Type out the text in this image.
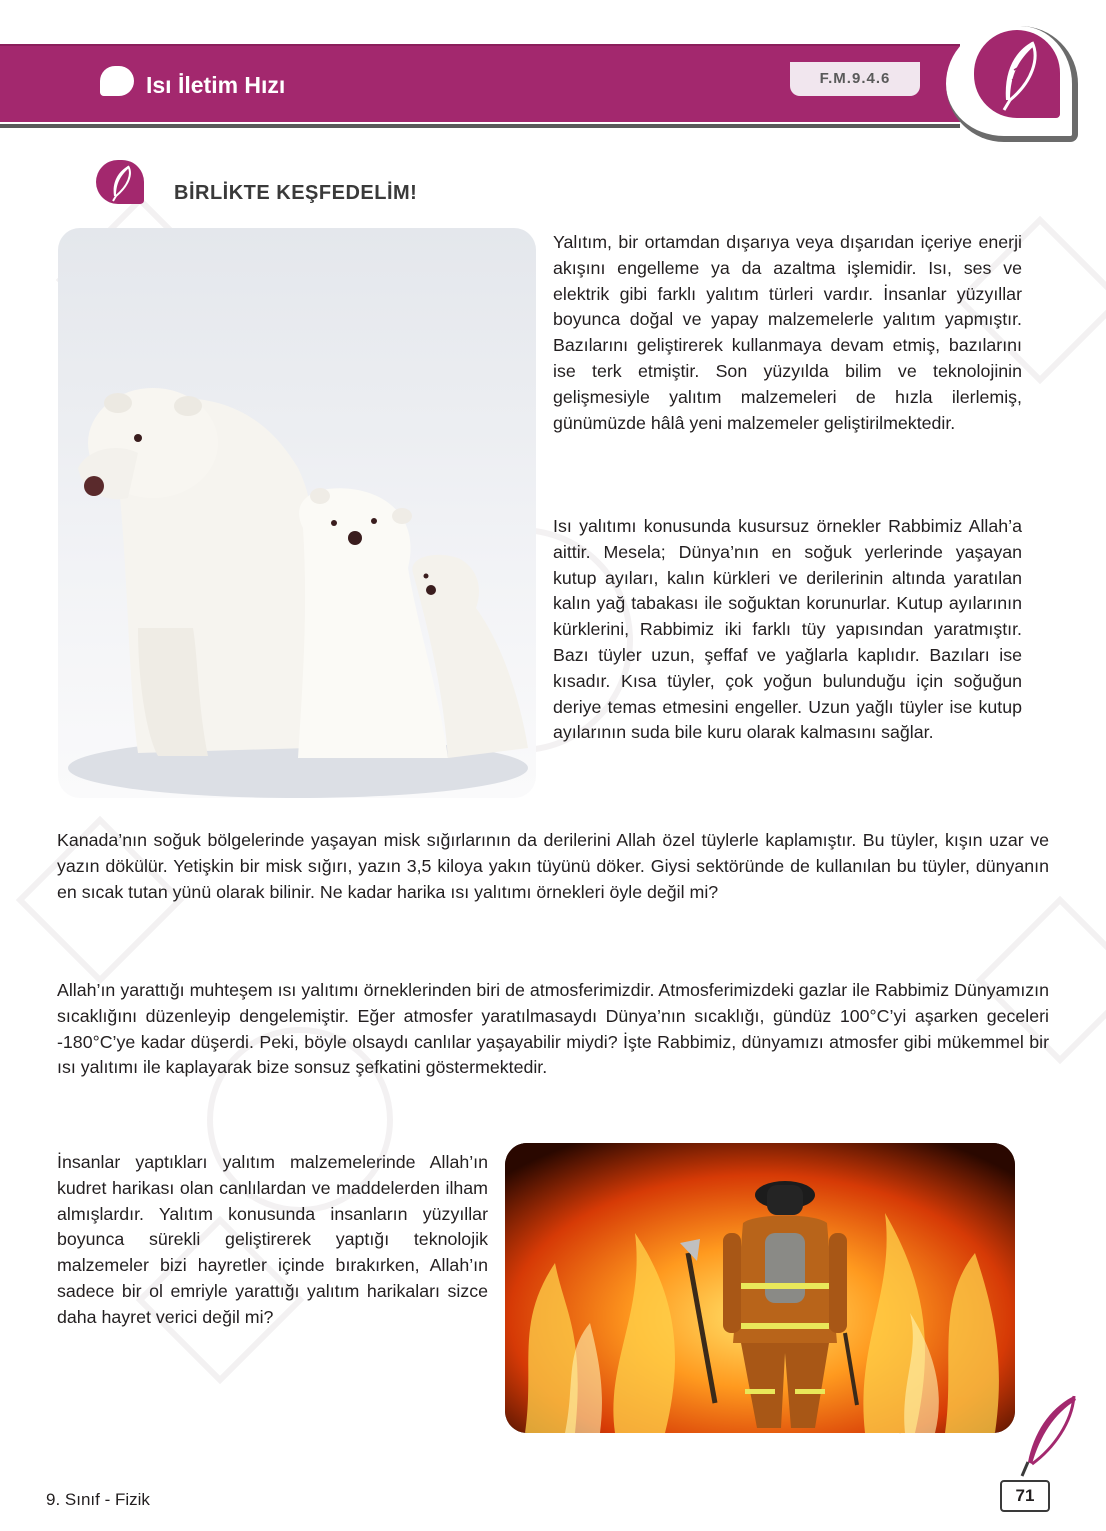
Isı İletim Hızı	F.M.9.4.6
BİRLİKTE KEŞFEDELİM!

Yalıtım, bir ortamdan dışarıya veya dışarıdan içeriye enerji akışını engelleme ya da azaltma işlemidir. Isı, ses ve elektrik gibi farklı yalıtım türleri vardır. İnsanlar yüzyıllar boyunca doğal ve yapay malzemelerle yalıtım yapmıştır. Bazılarını geliştirerek kullanmaya devam etmiş, bazılarını ise terk etmiştir. Son yüzyılda bilim ve teknolojinin gelişmesiyle yalıtım malzemeleri de hızla ilerlemiş, günümüzde hâlâ yeni malzemeler geliştirilmektedir.

Isı yalıtımı konusunda kusursuz örnekler Rabbimiz Allah’a aittir. Mesela; Dünya’nın en soğuk yerlerinde yaşayan kutup ayıları, kalın kürkleri ve derilerinin altında yaratılan kalın yağ tabakası ile soğuktan korunurlar. Kutup ayılarının kürklerini, Rabbimiz iki farklı tüy yapısından yaratmıştır. Bazı tüyler uzun, şeffaf ve yağlarla kaplıdır. Bazıları ise kısadır. Kısa tüyler, çok yoğun bulunduğu için soğuğun deriye temas etmesini engeller. Uzun yağlı tüyler ise kutup ayılarının suda bile kuru olarak kalmasını sağlar.

Kanada’nın soğuk bölgelerinde yaşayan misk sığırlarının da derilerini Allah özel tüylerle kaplamıştır. Bu tüyler, kışın uzar ve yazın dökülür. Yetişkin bir misk sığırı, yazın 3,5 kiloya yakın tüyünü döker. Giysi sektöründe de kullanılan bu tüyler, dünyanın en sıcak tutan yünü olarak bilinir. Ne kadar harika ısı yalıtımı örnekleri öyle değil mi?

Allah’ın yarattığı muhteşem ısı yalıtımı örneklerinden biri de atmosferimizdir. Atmosferimizdeki gazlar ile Rabbimiz Dünyamızın sıcaklığını düzenleyip dengelemiştir. Eğer atmosfer yaratılmasaydı Dünya’nın sıcaklığı, gündüz 100°C’yi aşarken geceleri -180°C’ye kadar düşerdi. Peki, böyle olsaydı canlılar yaşayabilir miydi? İşte Rabbimiz, dünyamızı atmosfer gibi mükemmel bir ısı yalıtımı ile kaplayarak bize sonsuz şefkatini göstermektedir.

İnsanlar yaptıkları yalıtım malzemelerinde Allah’ın kudret harikası olan canlılardan ve maddelerden ilham almışlardır. Yalıtım konusunda insanların yüzyıllar boyunca sürekli geliştirerek yaptığı teknolojik malzemeler bizi hayretler içinde bırakırken, Allah’ın sadece bir ol emriyle yarattığı yalıtım harikaları sizce daha hayret verici değil mi?

9. Sınıf - Fizik	71
